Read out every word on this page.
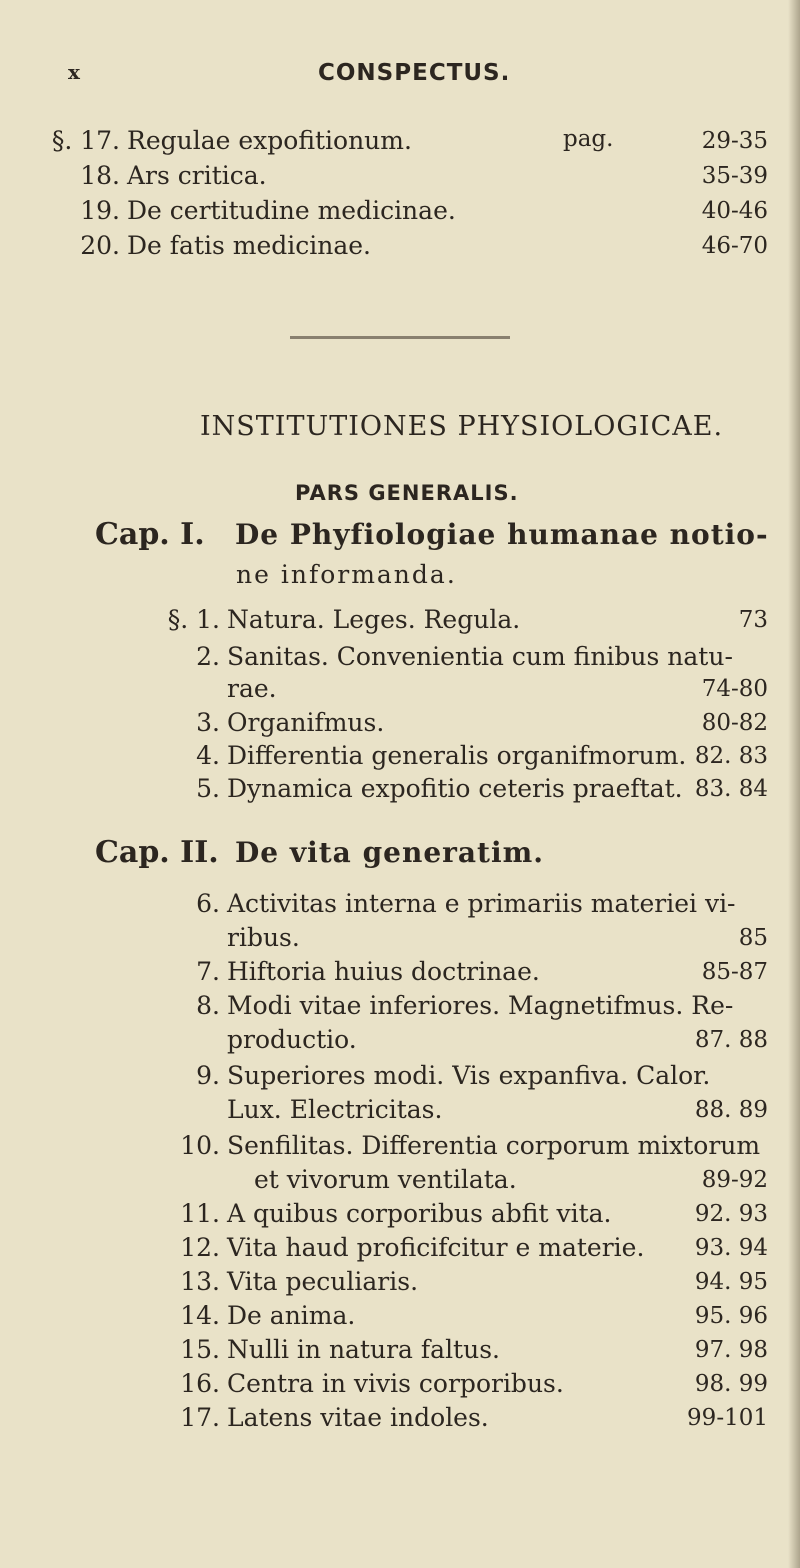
x	CONSPECTUS.
§. 17. Regulae expofitionum.	pag.	29-35
18. Ars critica.	35-39
19. De certitudine medicinae.	40-46
20. De fatis medicinae.	46-70
INSTITUTIONES PHYSIOLOGICAE.
PARS GENERALIS.
Cap. I. De Phyfiologiae humanae notio-
ne informanda.
§. 1. Natura. Leges. Regula.	73
2. Sanitas. Convenientia cum finibus natu-
rae.	74-80
3. Organifmus.	80-82
4. Differentia generalis organifmorum. 82. 83
5. Dynamica expofitio ceteris praeftat. 83. 84
Cap. II. De vita generatim.
6. Activitas interna e primariis materiei vi-
ribus.	85
7. Hiftoria huius doctrinae.	85-87
8. Modi vitae inferiores. Magnetifmus. Re-
productio.	87. 88
9. Superiores modi. Vis expanfiva. Calor.
Lux. Electricitas.	88. 89
10. Senfilitas. Differentia corporum mixtorum
et vivorum ventilata.	89-92
11. A quibus corporibus abfit vita.	92. 93
12. Vita haud proficifcitur e materie.	93. 94
13. Vita peculiaris.	94. 95
14. De anima.	95. 96
15. Nulli in natura faltus.	97. 98
16. Centra in vivis corporibus.	98. 99
17. Latens vitae indoles.	99-101
